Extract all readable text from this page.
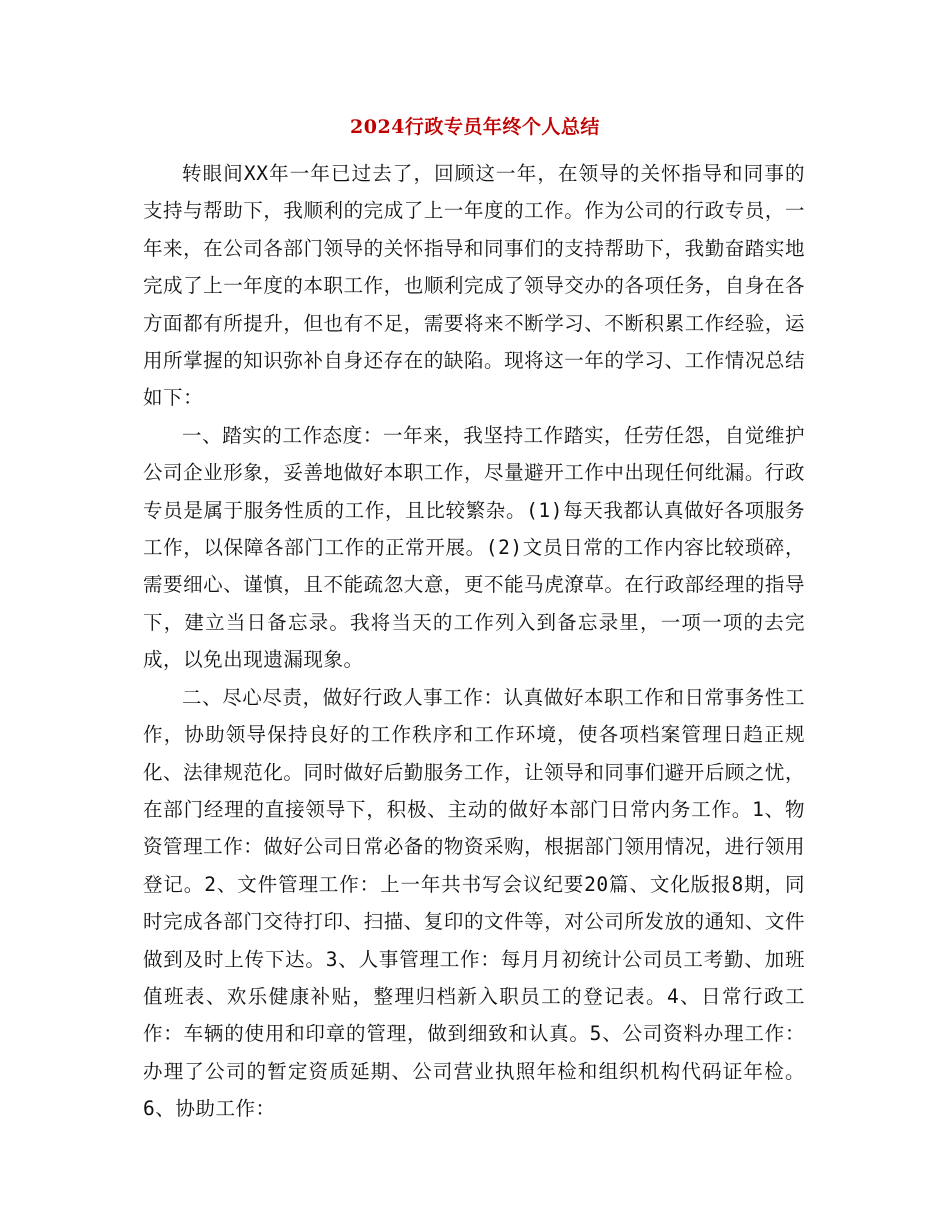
2024行政专员年终个人总结

转眼间XX年一年已过去了，回顾这一年，在领导的关怀指导和同事的支持与帮助下，我顺利的完成了上一年度的工作。作为公司的行政专员，一年来，在公司各部门领导的关怀指导和同事们的支持帮助下，我勤奋踏实地完成了上一年度的本职工作，也顺利完成了领导交办的各项任务，自身在各方面都有所提升，但也有不足，需要将来不断学习、不断积累工作经验，运用所掌握的知识弥补自身还存在的缺陷。现将这一年的学习、工作情况总结如下：

一、踏实的工作态度：一年来，我坚持工作踏实，任劳任怨，自觉维护公司企业形象，妥善地做好本职工作，尽量避开工作中出现任何纰漏。行政专员是属于服务性质的工作，且比较繁杂。(1)每天我都认真做好各项服务工作，以保障各部门工作的正常开展。(2)文员日常的工作内容比较琐碎，需要细心、谨慎，且不能疏忽大意，更不能马虎潦草。在行政部经理的指导下，建立当日备忘录。我将当天的工作列入到备忘录里，一项一项的去完成，以免出现遗漏现象。

二、尽心尽责，做好行政人事工作：认真做好本职工作和日常事务性工作，协助领导保持良好的工作秩序和工作环境，使各项档案管理日趋正规化、法律规范化。同时做好后勤服务工作，让领导和同事们避开后顾之忧，在部门经理的直接领导下，积极、主动的做好本部门日常内务工作。1、物资管理工作：做好公司日常必备的物资采购，根据部门领用情况，进行领用登记。2、文件管理工作：上一年共书写会议纪要20篇、文化版报8期，同时完成各部门交待打印、扫描、复印的文件等，对公司所发放的通知、文件做到及时上传下达。3、人事管理工作：每月月初统计公司员工考勤、加班值班表、欢乐健康补贴，整理归档新入职员工的登记表。4、日常行政工作：车辆的使用和印章的管理，做到细致和认真。5、公司资料办理工作：办理了公司的暂定资质延期、公司营业执照年检和组织机构代码证年检。6、协助工作：
